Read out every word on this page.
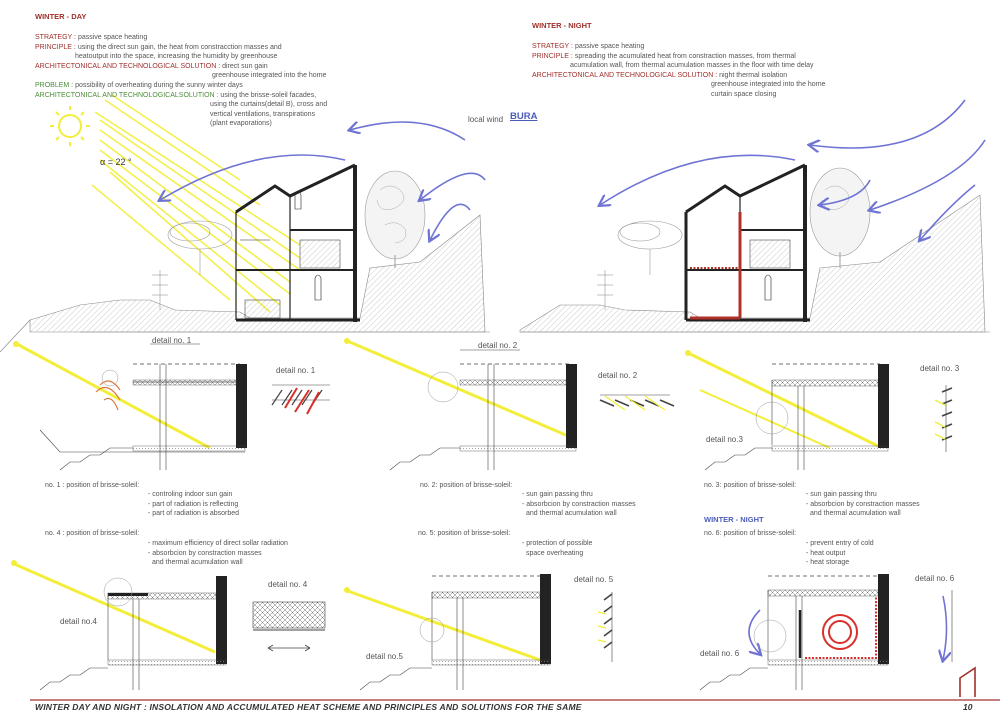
WINTER - DAY
STRATEGY : passive space heating
PRINCIPLE : using the direct sun gain, the heat from constracction masses and
heatoutput into the space, increasing the humidity by greenhouse
ARCHITECTONICAL AND TECHNOLOGICAL SOLUTION : direct sun gain
greenhouse integrated into the home
PROBLEM : possibility of overheating during the sunny winter days
ARCHITECTONICAL AND TECHNOLOGICALSOLUTION : using the brisse-soleil facades,
using the curtains(detail B), cross and
vertical ventilations, transpirations
(plant evaporations)
α = 22 °
local wind BURA
WINTER - NIGHT
STRATEGY : passive space heating
PRINCIPLE : spreading the acumulated heat from constraction masses, from thermal
acumulation wall, from thermal acumulation masses in the floor with time delay
ARCHITECTONICAL AND TECHNOLOGICAL SOLUTION : night thermal isolation
greenhouse integrated into the home
curtain space closing
detail no. 1
detail no. 1
detail no. 2
detail no. 2
detail no. 3
detail no.3
detail no.4
detail no. 4
detail no.5
detail no. 5
detail no. 6
detail no. 6
no. 1 : position of brisse-soleil:
- controling indoor sun gain
- part of radiation is reflecting
- part of radiation is absorbed
no. 2: position of brisse-soleil:
- sun gain passing thru
- absorbcion by constraction masses
and thermal acumulation wall
no. 3: position of brisse-soleil:
- sun gain passing thru
- absorbcion by constraction masses
and thermal acumulation wall
no. 4 : position of brisse-soleil:
- maximum efficiency of direct sollar radiation
- absorbcion by constraction masses
and thermal acumulation wall
no. 5: position of brisse-soleil:
- protection of possible
space overheating
WINTER - NIGHT
no. 6: position of brisse-soleil:
- prevent entry of cold
- heat output
- heat storage
WINTER DAY AND NIGHT : INSOLATION AND ACCUMULATED HEAT SCHEME AND PRINCIPLES AND SOLUTIONS FOR THE SAME	10
